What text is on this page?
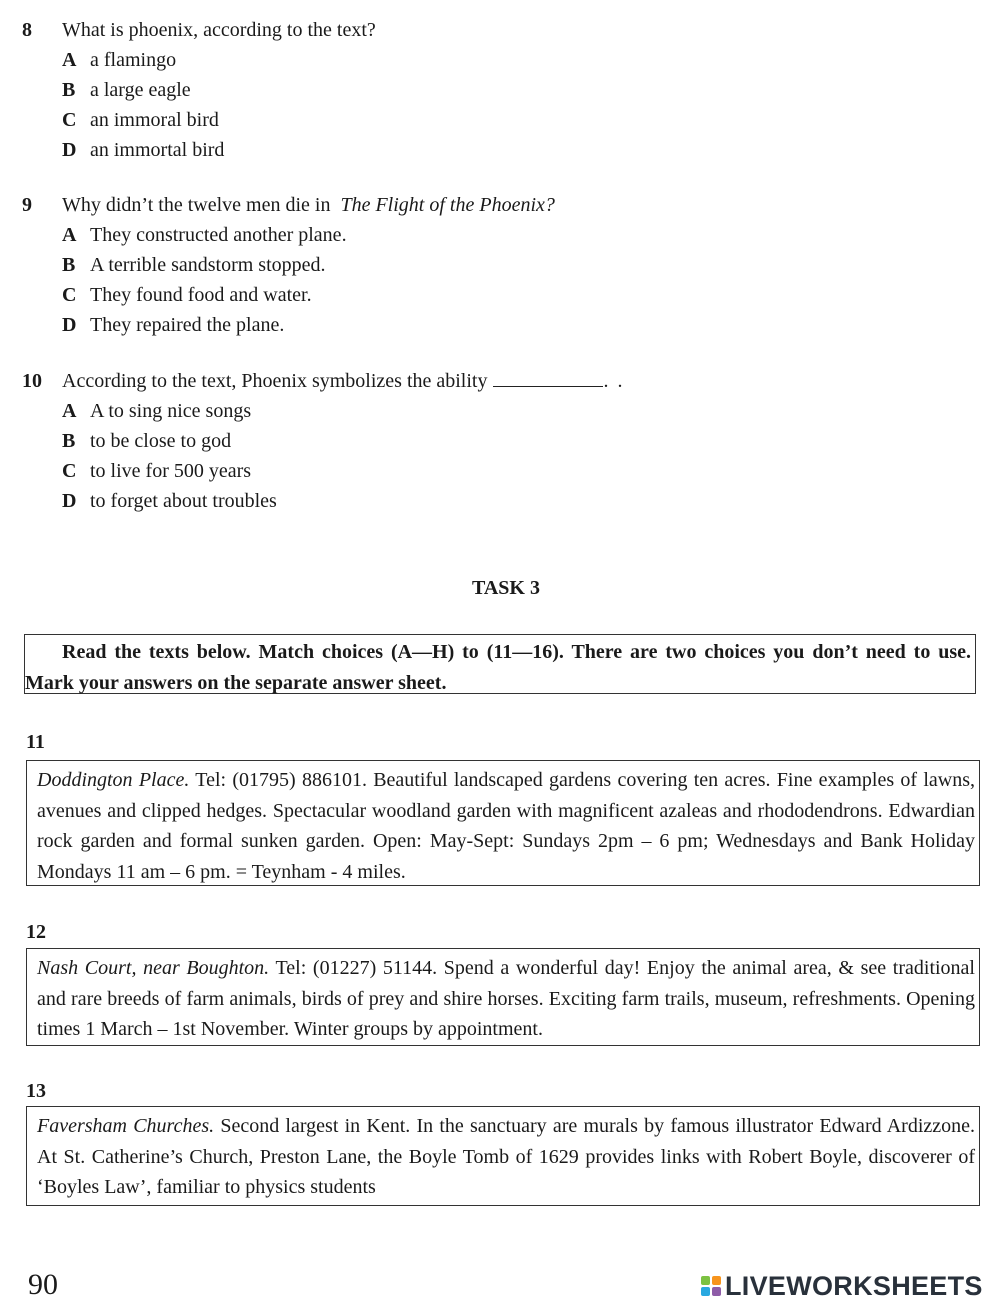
8 What is phoenix, according to the text?
A a flamingo
B a large eagle
C an immoral bird
D an immortal bird
9 Why didn’t the twelve men die in The Flight of the Phoenix?
A They constructed another plane.
B A terrible sandstorm stopped.
C They found food and water.
D They repaired the plane.
10 According to the text, Phoenix symbolizes the ability	. .
A A to sing nice songs
B to be close to god
C to live for 500 years
D to forget about troubles
TASK 3
Read the texts below. Match choices (A—H) to (11—16). There are two choices you don’t need to use. Mark your answers on the separate answer sheet.
11
Doddington Place. Tel: (01795) 886101. Beautiful landscaped gardens covering ten acres. Fine examples of lawns, avenues and clipped hedges. Spectacular woodland garden with magnificent azaleas and rhododendrons. Edwardian rock garden and formal sunken garden. Open: May-Sept: Sundays 2pm – 6 pm; Wednesdays and Bank Holiday Mondays 11 am – 6 pm. = Teynham - 4 miles.
12
Nash Court, near Boughton. Tel: (01227) 51144. Spend a wonderful day! Enjoy the animal area, & see traditional and rare breeds of farm animals, birds of prey and shire horses. Exciting farm trails, museum, refreshments. Opening times 1 March – 1st November. Winter groups by appointment.
13
Faversham Churches. Second largest in Kent. In the sanctuary are murals by famous illustrator Edward Ardizzone. At St. Catherine’s Church, Preston Lane, the Boyle Tomb of 1629 provides links with Robert Boyle, discoverer of ‘Boyles Law’, familiar to physics students
90	LIVEWORKSHEETS
